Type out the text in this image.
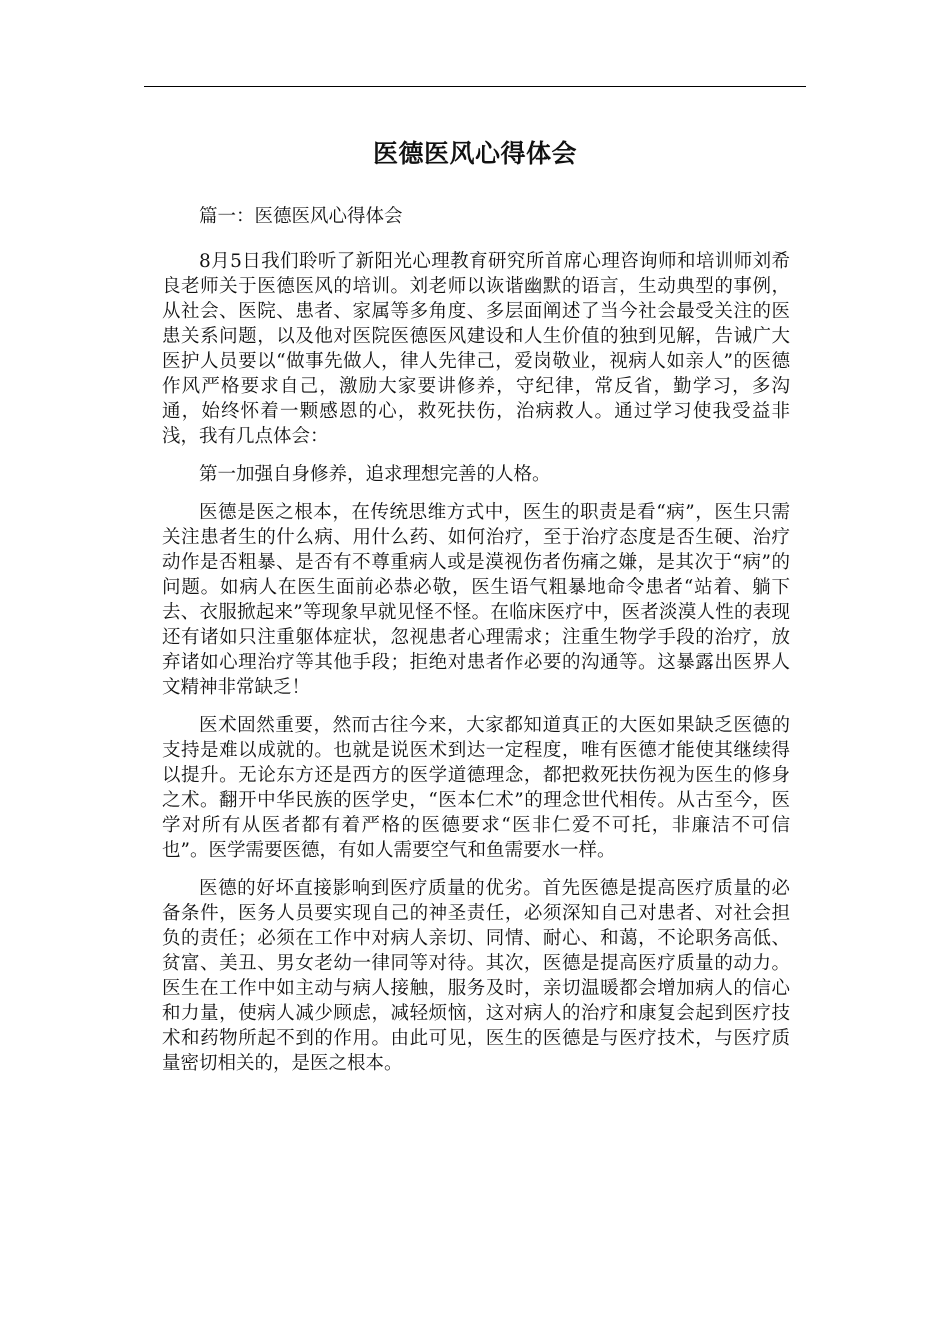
医德医风心得体会

篇一：医德医风心得体会

8月5日我们聆听了新阳光心理教育研究所首席心理咨询师和培训师刘希良老师关于医德医风的培训。刘老师以诙谐幽默的语言，生动典型的事例，从社会、医院、患者、家属等多角度、多层面阐述了当今社会最受关注的医患关系问题，以及他对医院医德医风建设和人生价值的独到见解，告诫广大医护人员要以“做事先做人，律人先律己，爱岗敬业，视病人如亲人”的医德作风严格要求自己，激励大家要讲修养，守纪律，常反省，勤学习，多沟通，始终怀着一颗感恩的心，救死扶伤，治病救人。通过学习使我受益非浅，我有几点体会：

第一加强自身修养，追求理想完善的人格。

医德是医之根本，在传统思维方式中，医生的职责是看“病”，医生只需关注患者生的什么病、用什么药、如何治疗，至于治疗态度是否生硬、治疗动作是否粗暴、是否有不尊重病人或是漠视伤者伤痛之嫌，是其次于“病”的问题。如病人在医生面前必恭必敬，医生语气粗暴地命令患者“站着、躺下去、衣服掀起来”等现象早就见怪不怪。在临床医疗中，医者淡漠人性的表现还有诸如只注重躯体症状，忽视患者心理需求；注重生物学手段的治疗，放弃诸如心理治疗等其他手段；拒绝对患者作必要的沟通等。这暴露出医界人文精神非常缺乏！

医术固然重要，然而古往今来，大家都知道真正的大医如果缺乏医德的支持是难以成就的。也就是说医术到达一定程度，唯有医德才能使其继续得以提升。无论东方还是西方的医学道德理念，都把救死扶伤视为医生的修身之术。翻开中华民族的医学史，“医本仁术”的理念世代相传。从古至今，医学对所有从医者都有着严格的医德要求“医非仁爱不可托，非廉洁不可信也”。医学需要医德，有如人需要空气和鱼需要水一样。

医德的好坏直接影响到医疗质量的优劣。首先医德是提高医疗质量的必备条件，医务人员要实现自己的神圣责任，必须深知自己对患者、对社会担负的责任；必须在工作中对病人亲切、同情、耐心、和蔼，不论职务高低、贫富、美丑、男女老幼一律同等对待。其次，医德是提高医疗质量的动力。医生在工作中如主动与病人接触，服务及时，亲切温暖都会增加病人的信心和力量，使病人减少顾虑，减轻烦恼，这对病人的治疗和康复会起到医疗技术和药物所起不到的作用。由此可见，医生的医德是与医疗技术，与医疗质量密切相关的，是医之根本。
